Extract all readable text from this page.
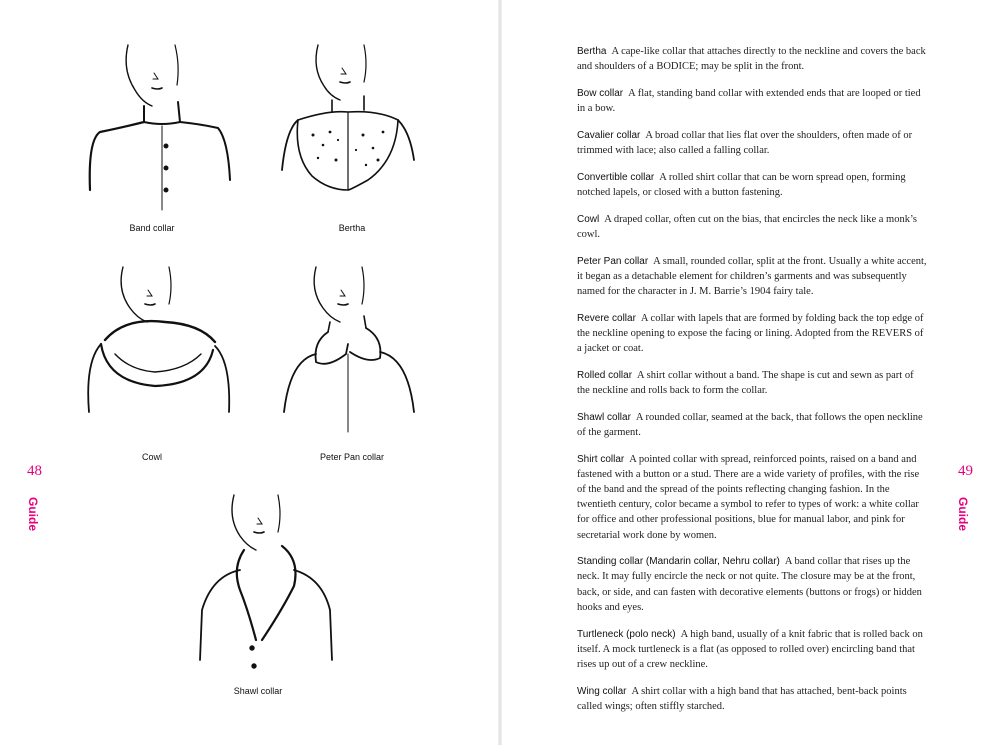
48
Guide
Band collar	Bertha
Cowl	Peter Pan collar
Shawl collar
49
Guide

Bertha A cape-like collar that attaches directly to the neckline and covers the back and shoulders of a BODICE; may be split in the front.

Bow collar A flat, standing band collar with extended ends that are looped or tied in a bow.

Cavalier collar A broad collar that lies flat over the shoulders, often made of or trimmed with lace; also called a falling collar.

Convertible collar A rolled shirt collar that can be worn spread open, forming notched lapels, or closed with a button fastening.

Cowl A draped collar, often cut on the bias, that encircles the neck like a monk’s cowl.

Peter Pan collar A small, rounded collar, split at the front. Usually a white accent, it began as a detachable element for children’s garments and was subsequently named for the character in J. M. Barrie’s 1904 fairy tale.

Revere collar A collar with lapels that are formed by folding back the top edge of the neckline opening to expose the facing or lining. Adopted from the REVERS of a jacket or coat.

Rolled collar A shirt collar without a band. The shape is cut and sewn as part of the neckline and rolls back to form the collar.

Shawl collar A rounded collar, seamed at the back, that follows the open neckline of the garment.

Shirt collar A pointed collar with spread, reinforced points, raised on a band and fastened with a button or a stud. There are a wide variety of profiles, with the rise of the band and the spread of the points reflecting changing fashion. In the twentieth century, color became a symbol to refer to types of work: a white collar for office and other professional positions, blue for manual labor, and pink for secretarial work done by women.

Standing collar (Mandarin collar, Nehru collar) A band collar that rises up the neck. It may fully encircle the neck or not quite. The closure may be at the front, back, or side, and can fasten with decorative elements (buttons or frogs) or hidden hooks and eyes.

Turtleneck (polo neck) A high band, usually of a knit fabric that is rolled back on itself. A mock turtleneck is a flat (as opposed to rolled over) encircling band that rises up out of a crew neckline.

Wing collar A shirt collar with a high band that has attached, bent-back points called wings; often stiffly starched.
